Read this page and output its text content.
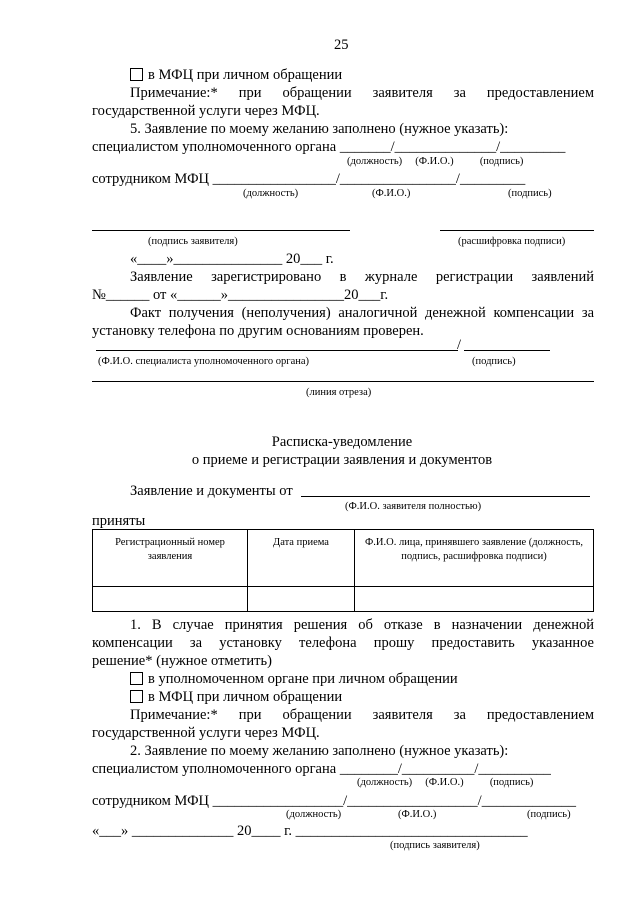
25
в МФЦ при личном обращении
Примечание:* при обращении заявителя за предоставлением
государственной услуги через МФЦ.
5. Заявление по моему желанию заполнено (нужное указать):
специалистом уполномоченного органа _______/______________/_________
(должность)     (Ф.И.О.)          (подпись)
сотрудником МФЦ _________________/________________/_________
(должность)	(Ф.И.О.)	(подпись)
(подпись заявителя)	(расшифровка подписи)
«____»_______________ 20___ г.
Заявление зарегистрировано в журнале регистрации заявлений
№______ от «______»________________20___г.
Факт получения (неполучения) аналогичной денежной компенсации за
установку телефона по другим основаниям проверен.
/
(Ф.И.О. специалиста уполномоченного органа)	(подпись)
(линия отреза)
Расписка-уведомление
о приеме и регистрации заявления и документов
Заявление и документы от
(Ф.И.О. заявителя полностью)
приняты
Регистрационный номер заявления	Дата приема	Ф.И.О. лица, принявшего заявление (должность, подпись, расшифровка подписи)

1. В случае принятия решения об отказе в назначении денежной
компенсации за установку телефона прошу предоставить указанное
решение* (нужное отметить)
в уполномоченном органе при личном обращении
в МФЦ при личном обращении
Примечание:* при обращении заявителя за предоставлением
государственной услуги через МФЦ.
2. Заявление по моему желанию заполнено (нужное указать):
специалистом уполномоченного органа ________/__________/__________
(должность)     (Ф.И.О.)          (подпись)
сотрудником МФЦ __________________/__________________/_____________
(должность)	(Ф.И.О.)	(подпись)
«___» ______________ 20____ г. ________________________________
(подпись заявителя)
